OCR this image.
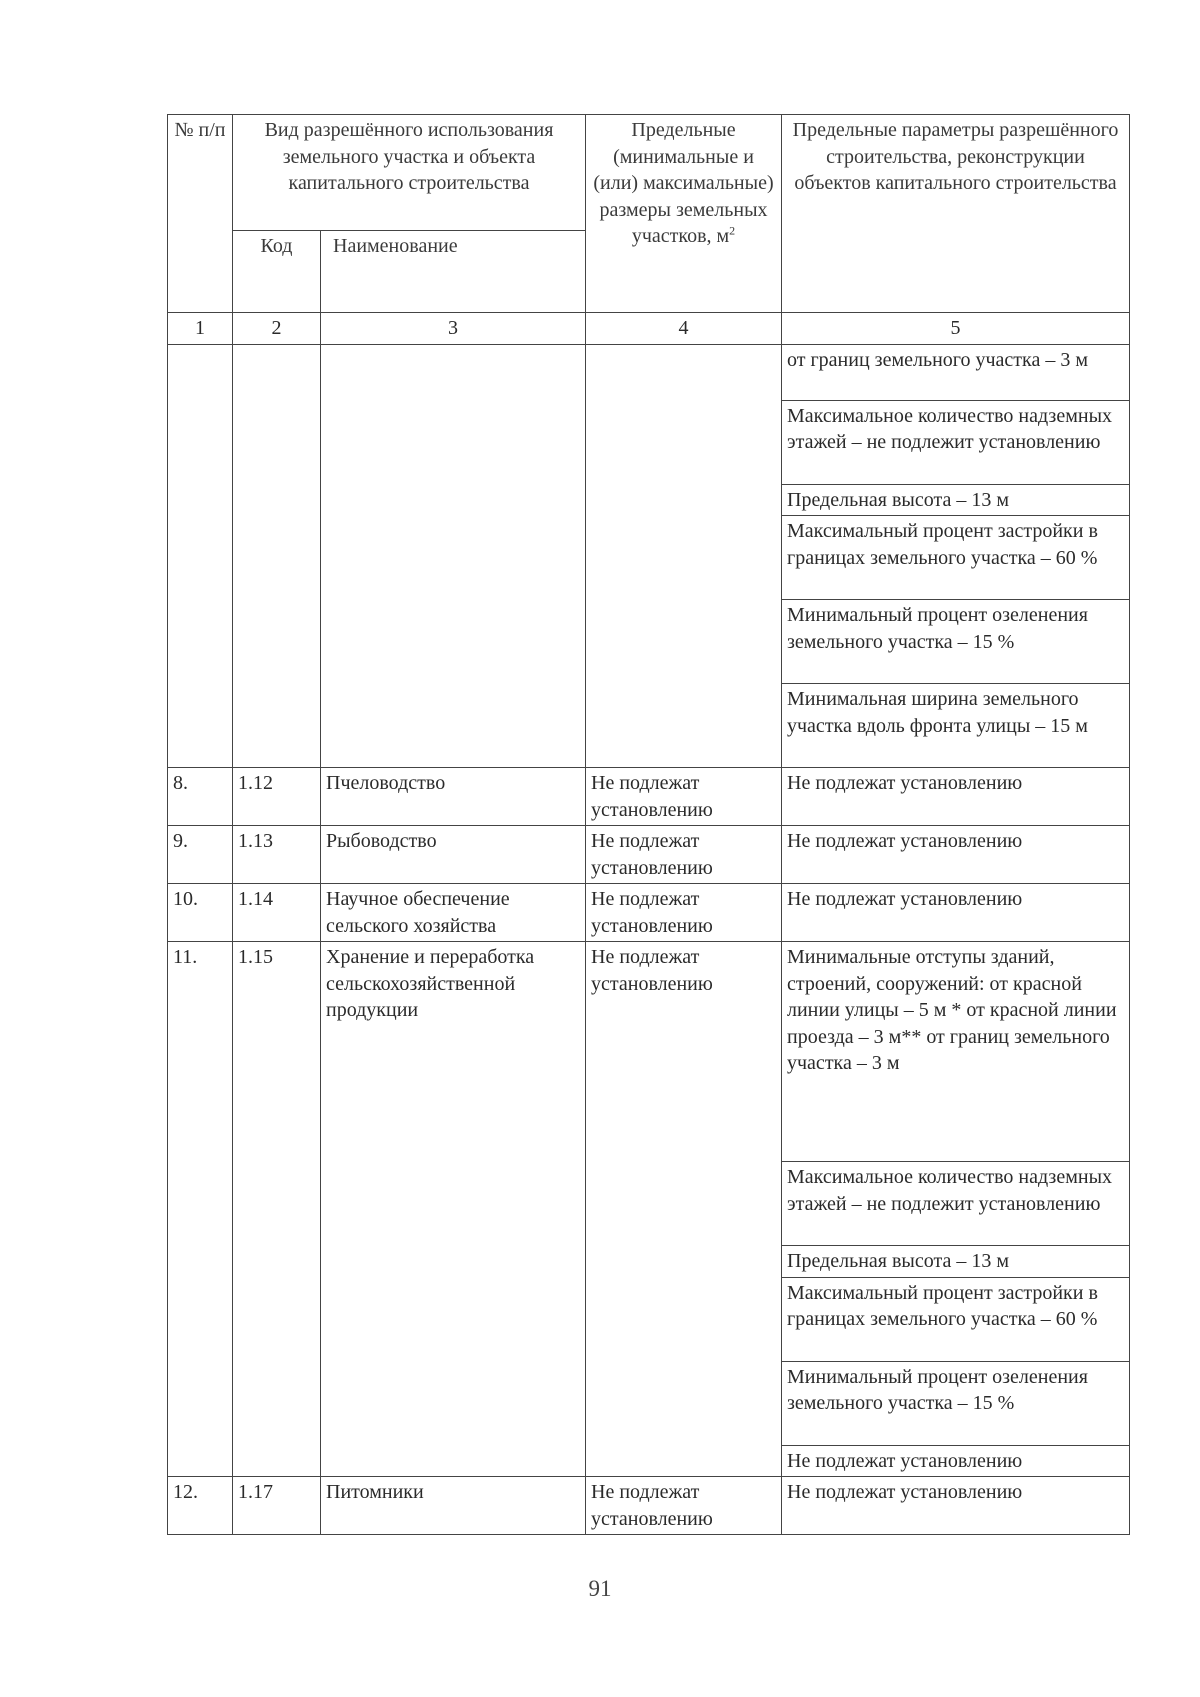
№ п/п	Вид разрешённого использования земельного участка и объекта капитального строительства		Предельные (минимальные и (или) максимальные) размеры земельных участков, $м^2$	Предельные параметры разрешённого строительства, реконструкции объектов капитального строительства
	Код	Наименование		
1	2	3	4	5
				от границ земельного участка – 3 м
				Максимальное количество надземных этажей – не подлежит установлению
				Предельная высота – 13 м
				Максимальный процент застройки в границах земельного участка – 60 %
				Минимальный процент озеленения земельного участка – 15 %
				Минимальная ширина земельного участка вдоль фронта улицы – 15 м
8.	1.12	Пчеловодство	Не подлежат установлению	Не подлежат установлению
9.	1.13	Рыбоводство	Не подлежат установлению	Не подлежат установлению
10.	1.14	Научное обеспечение сельского хозяйства	Не подлежат установлению	Не подлежат установлению
11.	1.15	Хранение и переработка сельскохозяйственной продукции	Не подлежат установлению	Минимальные отступы зданий, строений, сооружений: от красной линии улицы – 5 м * от красной линии проезда – 3 м** от границ земельного участка – 3 м
				Максимальное количество надземных этажей – не подлежит установлению
				Предельная высота – 13 м
				Максимальный процент застройки в границах земельного участка – 60 %
				Минимальный процент озеленения земельного участка – 15 %
				Не подлежат установлению
12.	1.17	Питомники	Не подлежат установлению	Не подлежат установлению
91
